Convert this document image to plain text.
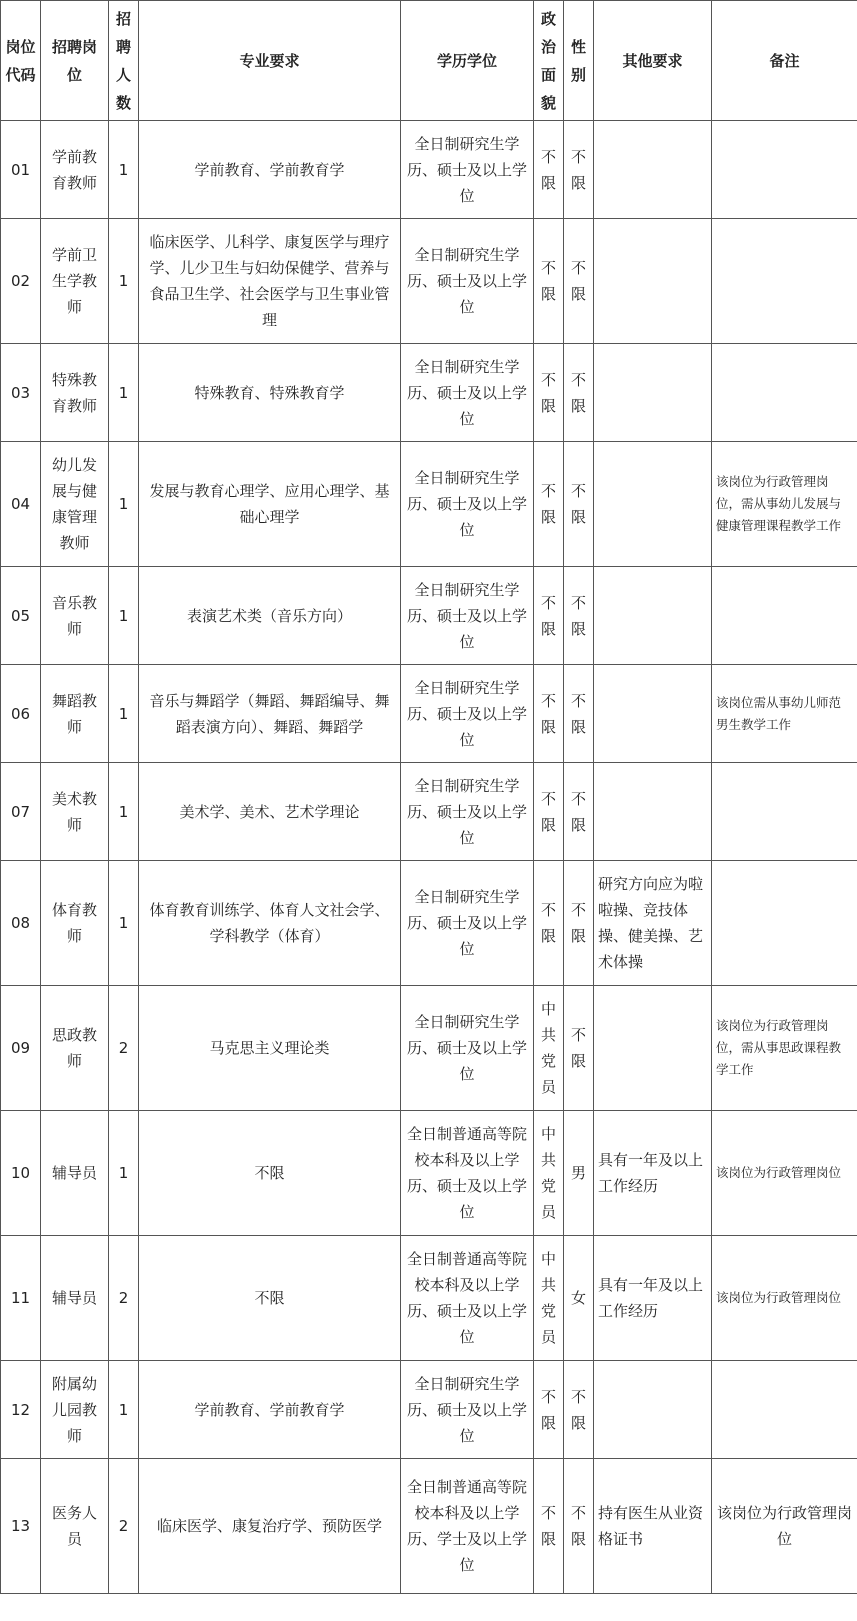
岗位代码	招聘岗位	招聘人数	专业要求	学历学位	政治面貌	性别	其他要求	备注
01	学前教育教师	1	学前教育、学前教育学	全日制研究生学历、硕士及以上学位	不限	不限		
02	学前卫生学教师	1	临床医学、儿科学、康复医学与理疗学、儿少卫生与妇幼保健学、营养与食品卫生学、社会医学与卫生事业管理	全日制研究生学历、硕士及以上学位	不限	不限		
03	特殊教育教师	1	特殊教育、特殊教育学	全日制研究生学历、硕士及以上学位	不限	不限		
04	幼儿发展与健康管理教师	1	发展与教育心理学、应用心理学、基础心理学	全日制研究生学历、硕士及以上学位	不限	不限		该岗位为行政管理岗位，需从事幼儿发展与健康管理课程教学工作
05	音乐教师	1	表演艺术类（音乐方向）	全日制研究生学历、硕士及以上学位	不限	不限		
06	舞蹈教师	1	音乐与舞蹈学（舞蹈、舞蹈编导、舞蹈表演方向）、舞蹈、舞蹈学	全日制研究生学历、硕士及以上学位	不限	不限		该岗位需从事幼儿师范男生教学工作
07	美术教师	1	美术学、美术、艺术学理论	全日制研究生学历、硕士及以上学位	不限	不限		
08	体育教师	1	体育教育训练学、体育人文社会学、学科教学（体育）	全日制研究生学历、硕士及以上学位	不限	不限	研究方向应为啦啦操、竞技体操、健美操、艺术体操	
09	思政教师	2	马克思主义理论类	全日制研究生学历、硕士及以上学位	中共党员	不限		该岗位为行政管理岗位，需从事思政课程教学工作
10	辅导员	1	不限	全日制普通高等院校本科及以上学历、硕士及以上学位	中共党员	男	具有一年及以上工作经历	该岗位为行政管理岗位
11	辅导员	2	不限	全日制普通高等院校本科及以上学历、硕士及以上学位	中共党员	女	具有一年及以上工作经历	该岗位为行政管理岗位
12	附属幼儿园教师	1	学前教育、学前教育学	全日制研究生学历、硕士及以上学位	不限	不限		
13	医务人员	2	临床医学、康复治疗学、预防医学	全日制普通高等院校本科及以上学历、学士及以上学位	不限	不限	持有医生从业资格证书	该岗位为行政管理岗位
